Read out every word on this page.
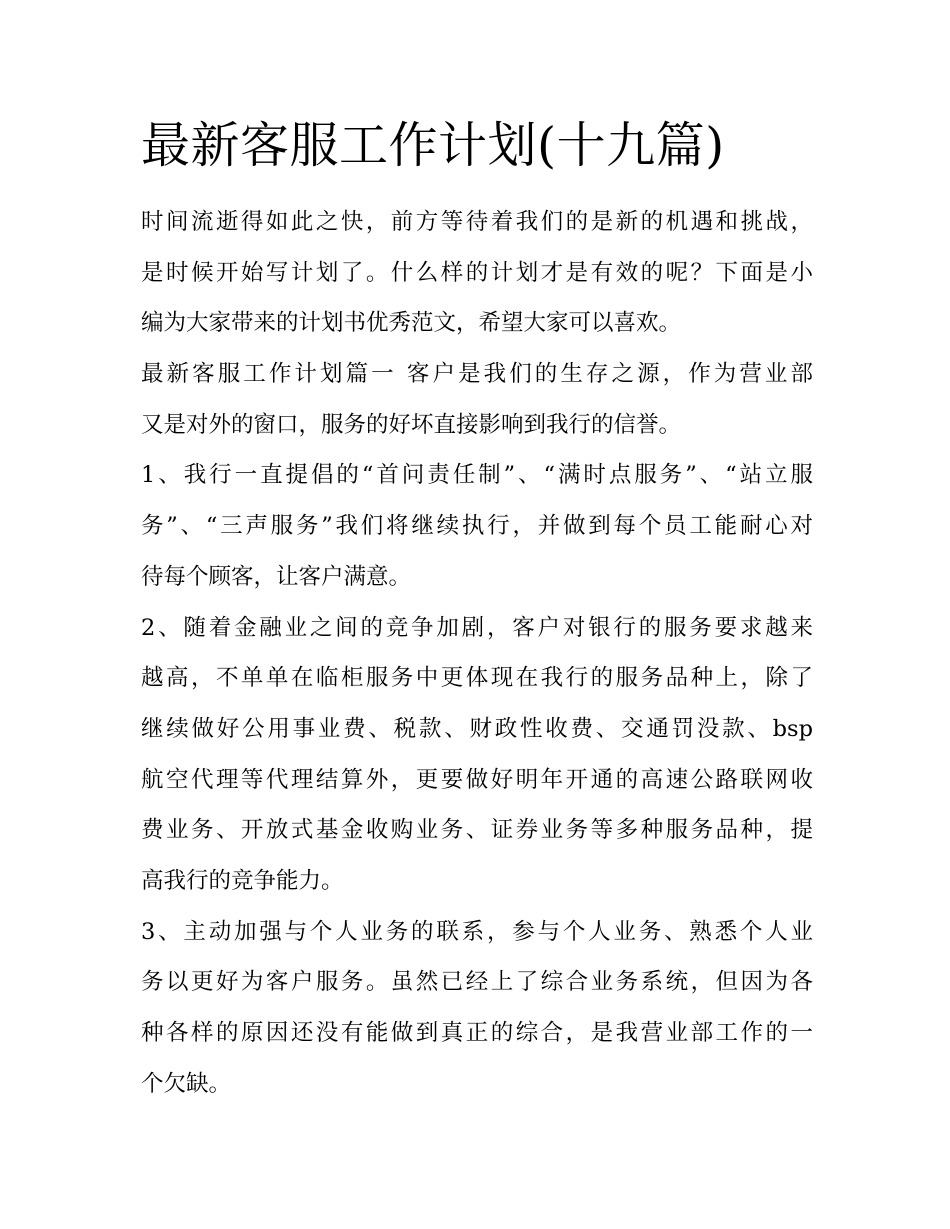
最新客服工作计划(十九篇)
时间流逝得如此之快，前方等待着我们的是新的机遇和挑战，
是时候开始写计划了。什么样的计划才是有效的呢？下面是小
编为大家带来的计划书优秀范文，希望大家可以喜欢。
最新客服工作计划篇一 客户是我们的生存之源，作为营业部
又是对外的窗口，服务的好坏直接影响到我行的信誉。
1、我行一直提倡的“首问责任制”、“满时点服务”、“站立服
务”、“三声服务”我们将继续执行，并做到每个员工能耐心对
待每个顾客，让客户满意。
2、随着金融业之间的竞争加剧，客户对银行的服务要求越来
越高，不单单在临柜服务中更体现在我行的服务品种上，除了
继续做好公用事业费、税款、财政性收费、交通罚没款、bsp
航空代理等代理结算外，更要做好明年开通的高速公路联网收
费业务、开放式基金收购业务、证券业务等多种服务品种，提
高我行的竞争能力。
3、主动加强与个人业务的联系，参与个人业务、熟悉个人业
务以更好为客户服务。虽然已经上了综合业务系统，但因为各
种各样的原因还没有能做到真正的综合，是我营业部工作的一
个欠缺。
